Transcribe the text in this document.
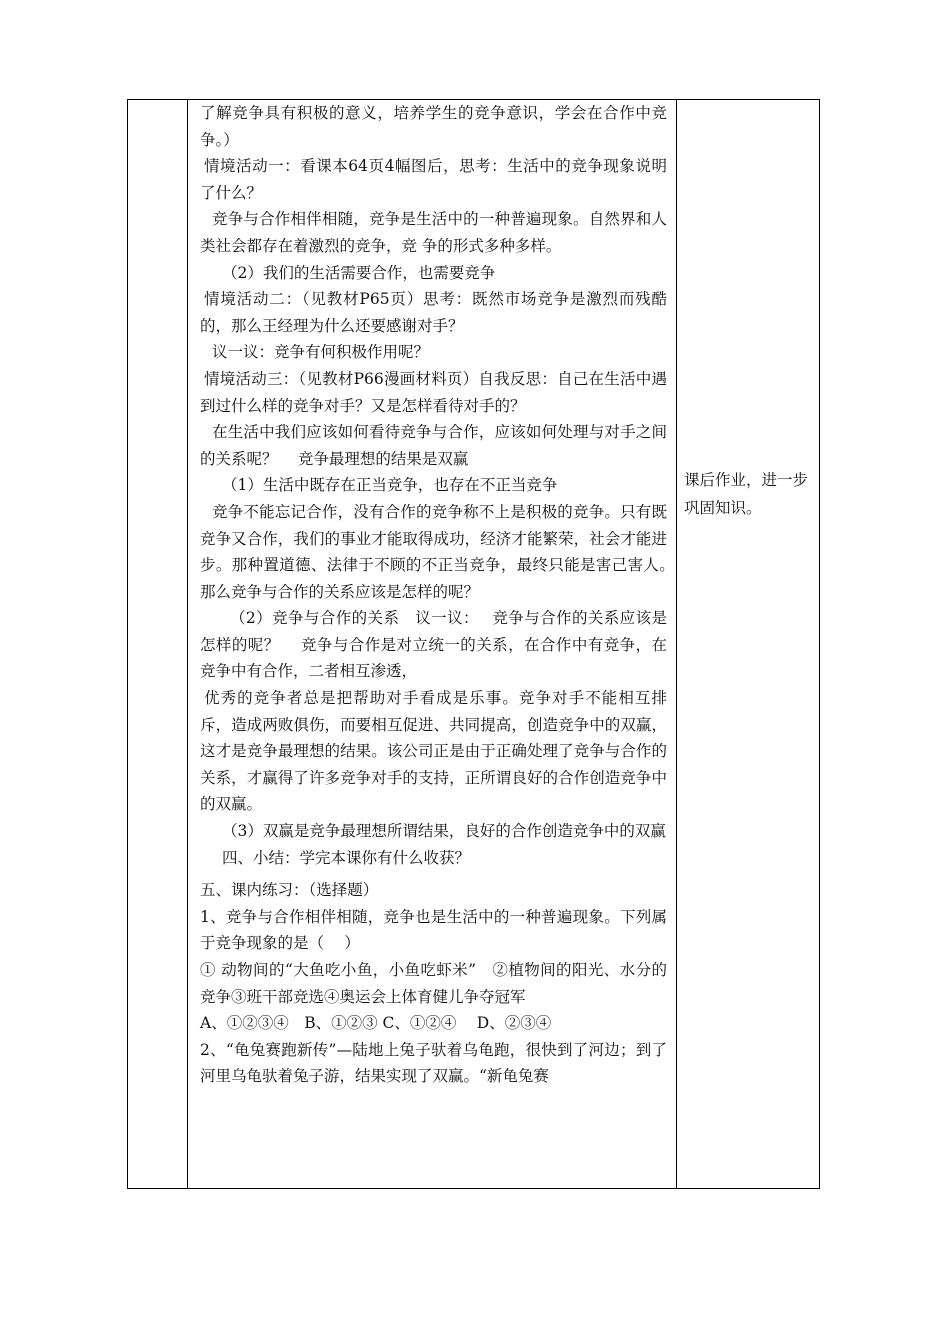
了解竞争具有积极的意义，培养学生的竞争意识，学会在合作中竞争。）

情境活动一：看课本64页4幅图后，思考：生活中的竞争现象说明了什么？

竞争与合作相伴相随，竞争是生活中的一种普遍现象。自然界和人类社会都存在着激烈的竞争，竞 争的形式多种多样。

（2）我们的生活需要合作，也需要竞争

情境活动二：（见教材P65页）思考：既然市场竞争是激烈而残酷的，那么王经理为什么还要感谢对手？

议一议：竞争有何积极作用呢？

情境活动三：（见教材P66漫画材料页）自我反思：自己在生活中遇到过什么样的竞争对手？又是怎样看待对手的？

在生活中我们应该如何看待竞争与合作，应该如何处理与对手之间的关系呢？　 竞争最理想的结果是双赢

（1）生活中既存在正当竞争，也存在不正当竞争

竞争不能忘记合作，没有合作的竞争称不上是积极的竞争。只有既竞争又合作，我们的事业才能取得成功，经济才能繁荣，社会才能进步。那种置道德、法律于不顾的不正当竞争，最终只能是害己害人。　 那么竞争与合作的关系应该是怎样的呢？

（2）竞争与合作的关系　议一议：　 竞争与合作的关系应该是怎样的呢？　 竞争与合作是对立统一的关系，在合作中有竞争，在竞争中有合作，二者相互渗透，

优秀的竞争者总是把帮助对手看成是乐事。竞争对手不能相互排斥，造成两败俱伤，而要相互促进、共同提高，创造竞争中的双赢，这才是竞争最理想的结果。该公司正是由于正确处理了竞争与合作的关系，才赢得了许多竞争对手的支持，正所谓良好的合作创造竞争中的双赢。

（3）双赢是竞争最理想所谓结果，良好的合作创造竞争中的双赢

四、小结：学完本课你有什么收获？

五、课内练习：（选择题）

1、竞争与合作相伴相随，竞争也是生活中的一种普遍现象。下列属于竞争现象的是（　 ）

① 动物间的“大鱼吃小鱼，小鱼吃虾米”　②植物间的阳光、水分的竞争③班干部竞选④奥运会上体育健儿争夺冠军

A、①②③④　B、①②③ C、①②④　 D、②③④

2、“龟兔赛跑新传”—陆地上兔子驮着乌龟跑，很快到了河边；到了河里乌龟驮着兔子游，结果实现了双赢。“新龟兔赛

课后作业，进一步巩固知识。
